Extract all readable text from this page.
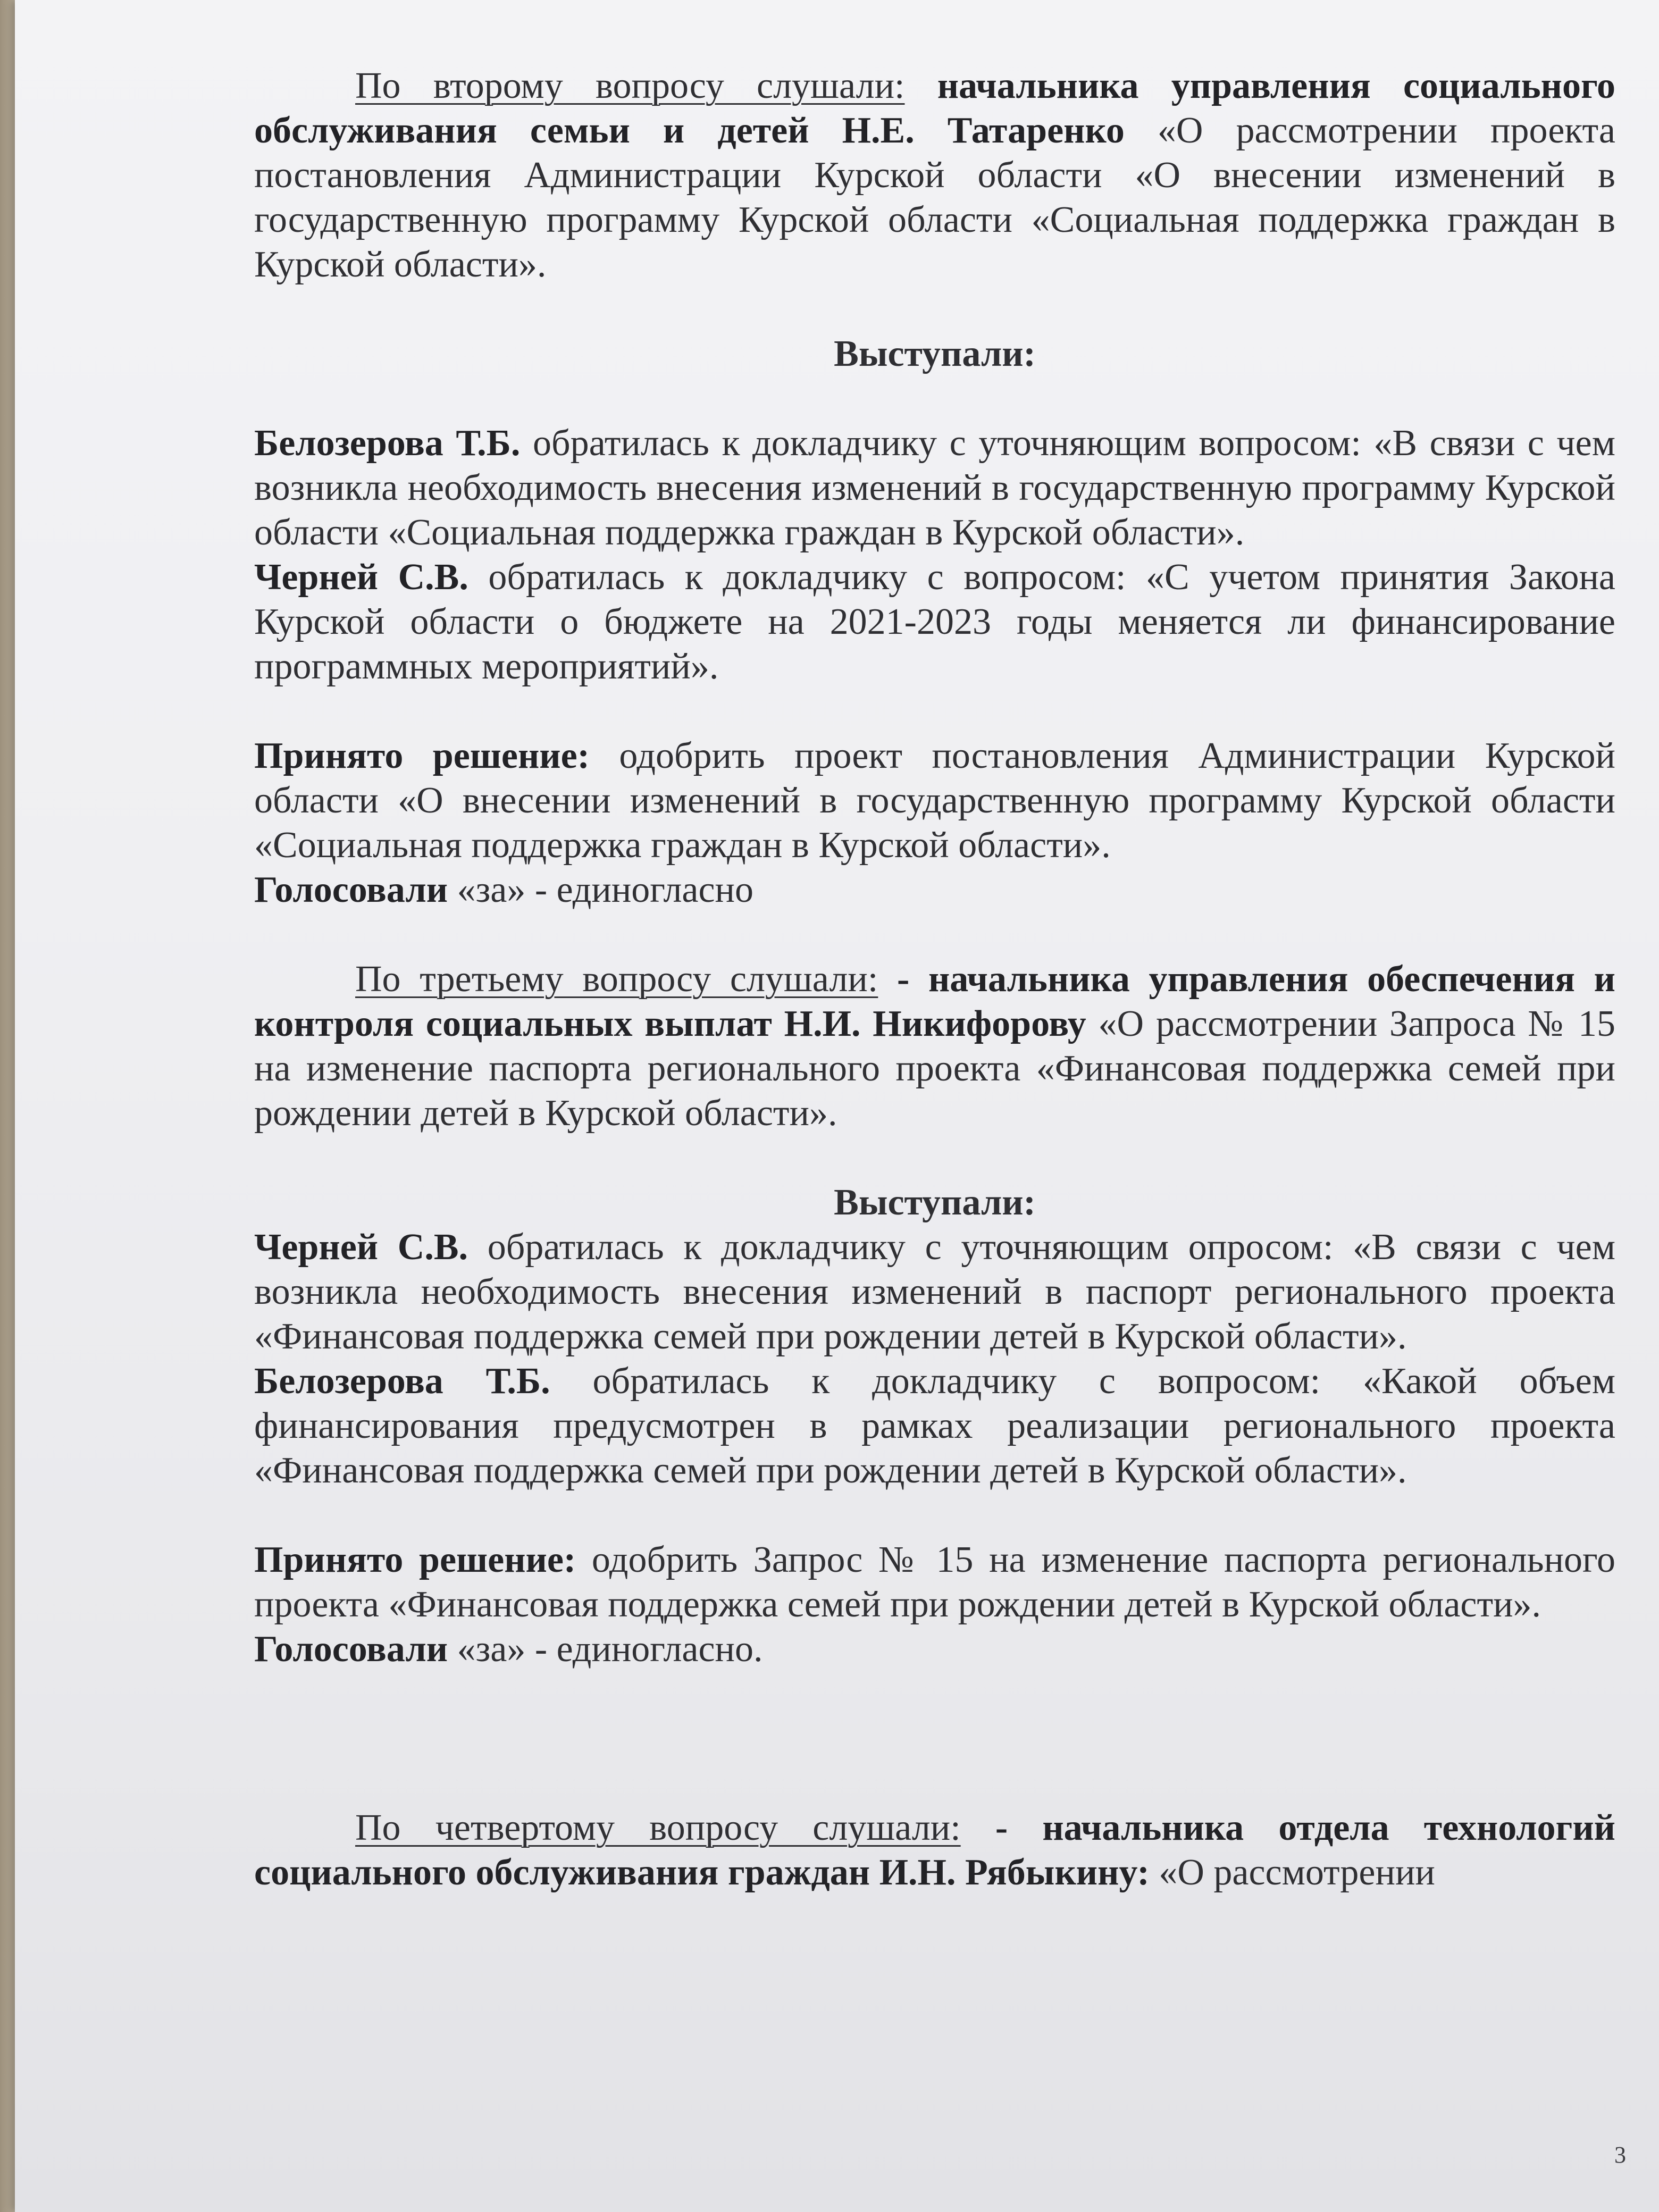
По второму вопросу слушали: начальника управления социального обслуживания семьи и детей Н.Е. Татаренко «О рассмотрении проекта постановления Администрации Курской области «О внесении изменений в государственную программу Курской области «Социальная поддержка граждан в Курской области».

Выступали:

Белозерова Т.Б. обратилась к докладчику с уточняющим вопросом: «В связи с чем возникла необходимость внесения изменений в государственную программу Курской области «Социальная поддержка граждан в Курской области».

Черней С.В. обратилась к докладчику с вопросом: «С учетом принятия Закона Курской области о бюджете на 2021-2023 годы меняется ли финансирование программных мероприятий».

Принято решение: одобрить проект постановления Администрации Курской области «О внесении изменений в государственную программу Курской области «Социальная поддержка граждан в Курской области».

Голосовали «за» - единогласно

По третьему вопросу слушали: - начальника управления обеспечения и контроля социальных выплат Н.И. Никифорову «О рассмотрении Запроса № 15 на изменение паспорта регионального проекта «Финансовая поддержка семей при рождении детей в Курской области».

Выступали:

Черней С.В. обратилась к докладчику с уточняющим опросом: «В связи с чем возникла необходимость внесения изменений в паспорт регионального проекта «Финансовая поддержка семей при рождении детей в Курской области».

Белозерова Т.Б. обратилась к докладчику с вопросом: «Какой объем финансирования предусмотрен в рамках реализации регионального проекта «Финансовая поддержка семей при рождении детей в Курской области».

Принято решение: одобрить Запрос № 15 на изменение паспорта регионального проекта «Финансовая поддержка семей при рождении детей в Курской области».

Голосовали «за» - единогласно.

По четвертому вопросу слушали: - начальника отдела технологий социального обслуживания граждан И.Н. Рябыкину: «О рассмотрении

3
